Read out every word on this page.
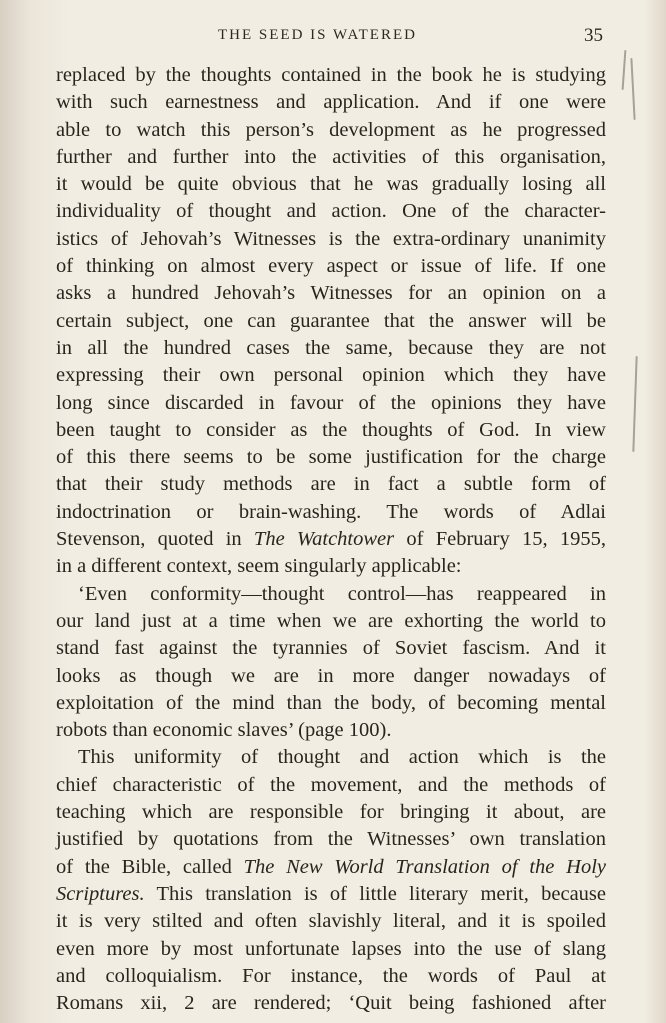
THE SEED IS WATERED	35
replaced by the thoughts contained in the book he is studying
with such earnestness and application. And if one were
able to watch this person’s development as he progressed
further and further into the activities of this organisation,
it would be quite obvious that he was gradually losing all
individuality of thought and action. One of the character-
istics of Jehovah’s Witnesses is the extra-ordinary unanimity
of thinking on almost every aspect or issue of life. If one
asks a hundred Jehovah’s Witnesses for an opinion on a
certain subject, one can guarantee that the answer will be
in all the hundred cases the same, because they are not
expressing their own personal opinion which they have
long since discarded in favour of the opinions they have
been taught to consider as the thoughts of God. In view
of this there seems to be some justification for the charge
that their study methods are in fact a subtle form of
indoctrination or brain-washing. The words of Adlai
Stevenson, quoted in The Watchtower of February 15, 1955,
in a different context, seem singularly applicable:
‘Even conformity—thought control—has reappeared in
our land just at a time when we are exhorting the world to
stand fast against the tyrannies of Soviet fascism. And it
looks as though we are in more danger nowadays of
exploitation of the mind than the body, of becoming mental
robots than economic slaves’ (page 100).
This uniformity of thought and action which is the
chief characteristic of the movement, and the methods of
teaching which are responsible for bringing it about, are
justified by quotations from the Witnesses’ own translation
of the Bible, called The New World Translation of the Holy
Scriptures. This translation is of little literary merit, because
it is very stilted and often slavishly literal, and it is spoiled
even more by most unfortunate lapses into the use of slang
and colloquialism. For instance, the words of Paul at
Romans xii, 2 are rendered; ‘Quit being fashioned after
